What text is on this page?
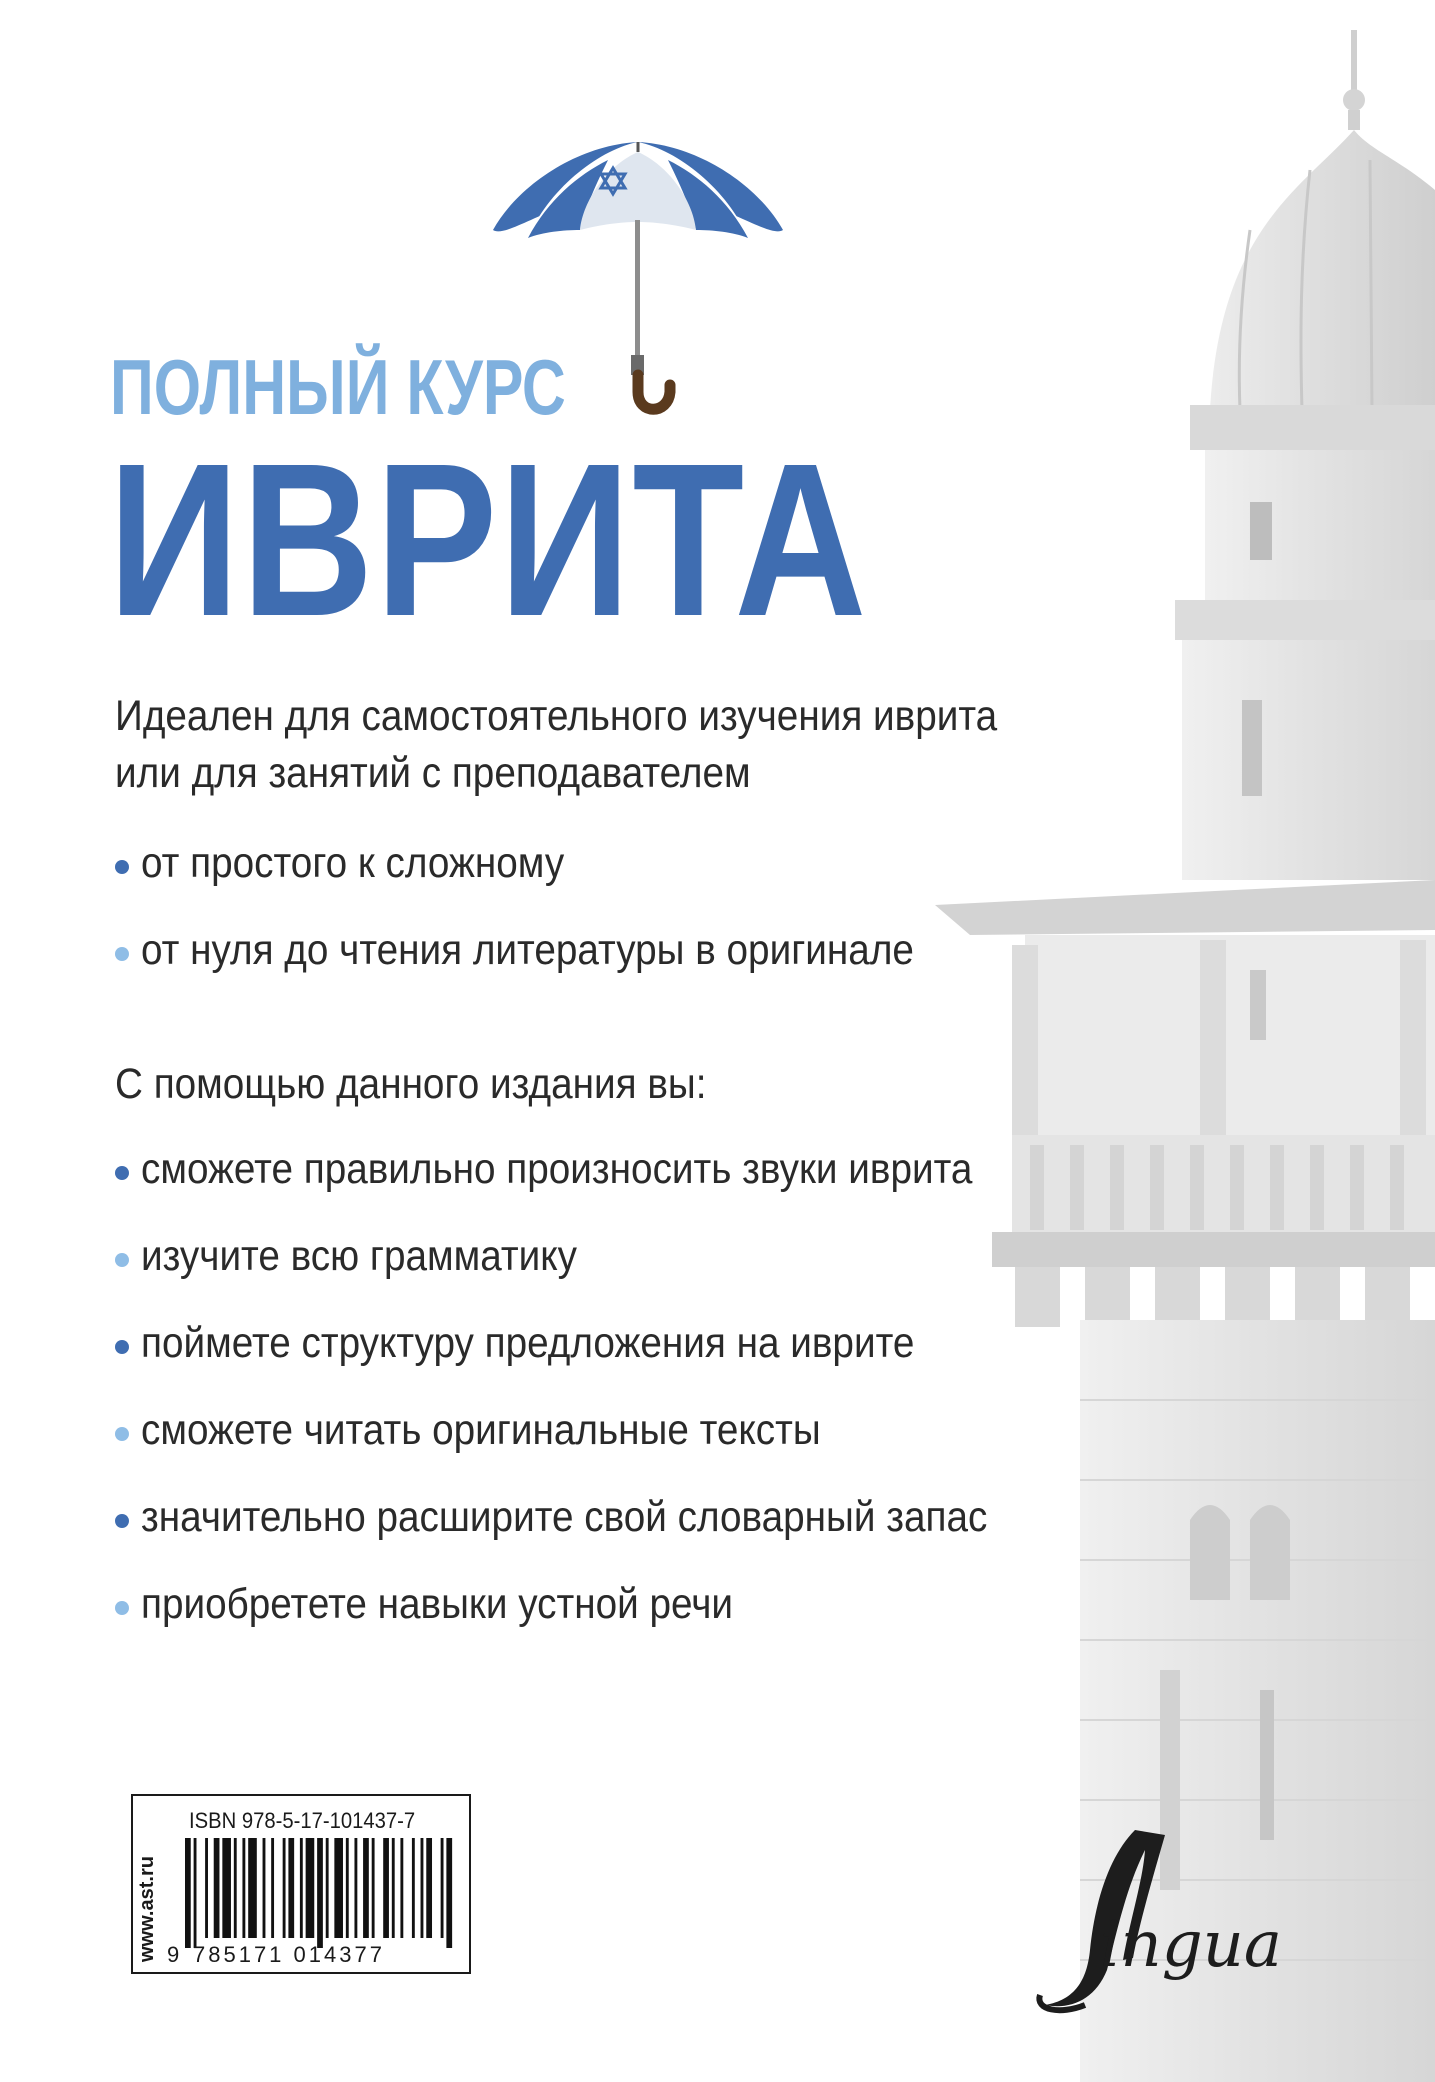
ПОЛНЫЙ КУРС
ИВРИТА

Идеален для самостоятельного изучения иврита

или для занятий с преподавателем

от простого к сложному
от нуля до чтения литературы в оригинале

С помощью данного издания вы:

сможете правильно произносить звуки иврита
изучите всю грамматику
поймете структуру предложения на иврите
сможете читать оригинальные тексты
значительно расширите свой словарный запас
приобретете навыки устной речи
www.ast.ru
ISBN 978-5-17-101437-7
9 785171 014377	ingua
